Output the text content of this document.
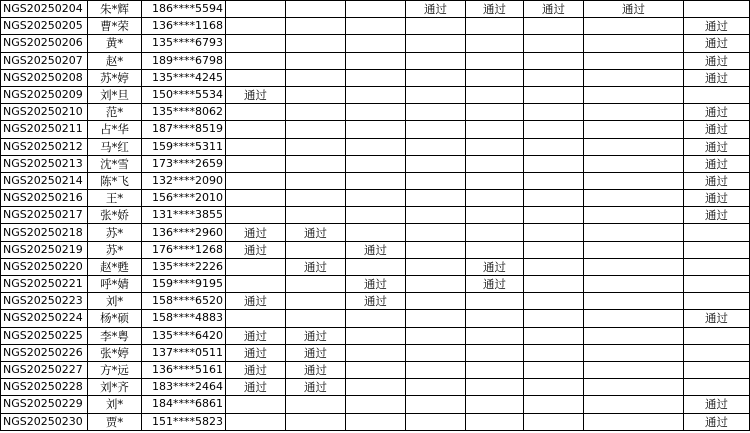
NGS20250204	朱*辉	186****5594				通过	通过	通过	通过		
NGS20250205	曹*荣	136****1168								通过	
NGS20250206	黄*	135****6793								通过	
NGS20250207	赵*	189****6798								通过	
NGS20250208	苏*婷	135****4245								通过	
NGS20250209	刘*旦	150****5534	通过								
NGS20250210	范*	135****8062								通过	
NGS20250211	占*华	187****8519								通过	
NGS20250212	马*红	159****5311								通过	
NGS20250213	沈*雪	173****2659								通过	
NGS20250214	陈*飞	132****2090								通过	
NGS20250216	王*	156****2010								通过	
NGS20250217	张*娇	131****3855								通过	
NGS20250218	苏*	136****2960	通过	通过							
NGS20250219	苏*	176****1268	通过		通过						
NGS20250220	赵*甦	135****2226		通过			通过				
NGS20250221	呼*婧	159****9195			通过		通过				
NGS20250223	刘*	158****6520	通过		通过						
NGS20250224	杨*硕	158****4883								通过	
NGS20250225	李*粤	135****6420	通过	通过							
NGS20250226	张*婷	137****0511	通过	通过							
NGS20250227	方*远	136****5161	通过	通过							
NGS20250228	刘*齐	183****2464	通过	通过							
NGS20250229	刘*	184****6861								通过	
NGS20250230	贾*	151****5823								通过	
